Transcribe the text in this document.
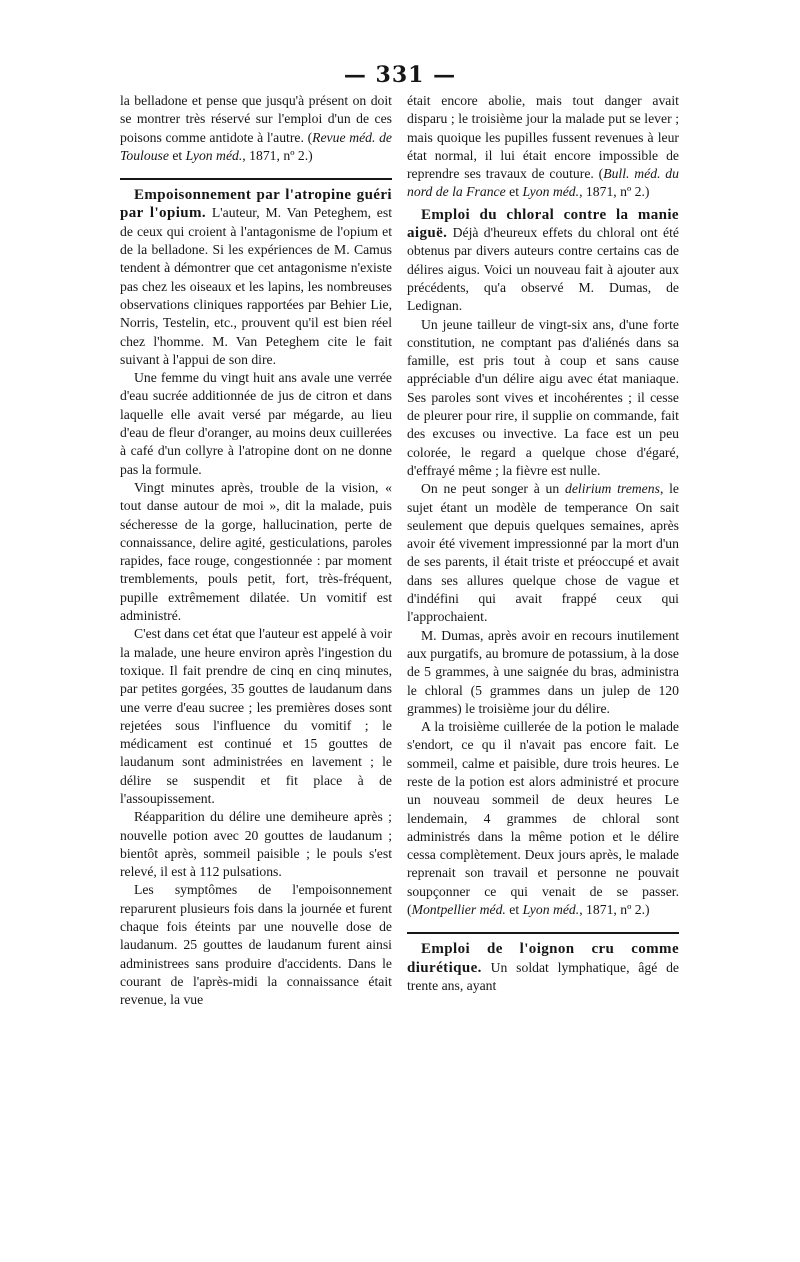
— 331 —

la belladone et pense que jusqu'à présent on doit se montrer très réservé sur l'emploi d'un de ces poisons comme antidote à l'autre. (Revue méd. de Toulouse et Lyon méd., 1871, nº 2.)

Empoisonnement par l'atropine guéri par l'opium. L'auteur, M. Van Peteghem, est de ceux qui croient à l'antagonisme de l'opium et de la belladone. Si les expériences de M. Camus tendent à démontrer que cet antagonisme n'existe pas chez les oiseaux et les lapins, les nombreuses observations cliniques rapportées par Behier Lie, Norris, Testelin, etc., prouvent qu'il est bien réel chez l'homme. M. Van Peteghem cite le fait suivant à l'appui de son dire.

Une femme du vingt huit ans avale une verrée d'eau sucrée additionnée de jus de citron et dans laquelle elle avait versé par mégarde, au lieu d'eau de fleur d'oranger, au moins deux cuillerées à café d'un collyre à l'atropine dont on ne donne pas la formule.

Vingt minutes après, trouble de la vision, « tout danse autour de moi », dit la malade, puis sécheresse de la gorge, hallucination, perte de connaissance, delire agité, gesticulations, paroles rapides, face rouge, congestionnée : par moment tremblements, pouls petit, fort, très-fréquent, pupille extrêmement dilatée. Un vomitif est administré.

C'est dans cet état que l'auteur est appelé à voir la malade, une heure environ après l'ingestion du toxique. Il fait prendre de cinq en cinq minutes, par petites gorgées, 35 gouttes de laudanum dans une verre d'eau sucree ; les premières doses sont rejetées sous l'influence du vomitif ; le médicament est continué et 15 gouttes de laudanum sont administrées en lavement ; le délire se suspendit et fit place à de l'assoupissement.

Réapparition du délire une demiheure après ; nouvelle potion avec 20 gouttes de laudanum ; bientôt après, sommeil paisible ; le pouls s'est relevé, il est à 112 pulsations.

Les symptômes de l'empoisonnement reparurent plusieurs fois dans la journée et furent chaque fois éteints par une nouvelle dose de laudanum. 25 gouttes de laudanum furent ainsi administrees sans produire d'accidents. Dans le courant de l'après-midi la connaissance était revenue, la vue

était encore abolie, mais tout danger avait disparu ; le troisième jour la malade put se lever ; mais quoique les pupilles fussent revenues à leur état normal, il lui était encore impossible de reprendre ses travaux de couture. (Bull. méd. du nord de la France et Lyon méd., 1871, nº 2.)

Emploi du chloral contre la manie aiguë. Déjà d'heureux effets du chloral ont été obtenus par divers auteurs contre certains cas de délires aigus. Voici un nouveau fait à ajouter aux précédents, qu'a observé M. Dumas, de Ledignan.

Un jeune tailleur de vingt-six ans, d'une forte constitution, ne comptant pas d'aliénés dans sa famille, est pris tout à coup et sans cause appréciable d'un délire aigu avec état maniaque. Ses paroles sont vives et incohérentes ; il cesse de pleurer pour rire, il supplie on commande, fait des excuses ou invective. La face est un peu colorée, le regard a quelque chose d'égaré, d'effrayé même ; la fièvre est nulle.

On ne peut songer à un delirium tremens, le sujet étant un modèle de temperance On sait seulement que depuis quelques semaines, après avoir été vivement impressionné par la mort d'un de ses parents, il était triste et préoccupé et avait dans ses allures quelque chose de vague et d'indéfini qui avait frappé ceux qui l'approchaient.

M. Dumas, après avoir en recours inutilement aux purgatifs, au bromure de potassium, à la dose de 5 grammes, à une saignée du bras, administra le chloral (5 grammes dans un julep de 120 grammes) le troisième jour du délire.

A la troisième cuillerée de la potion le malade s'endort, ce qu il n'avait pas encore fait. Le sommeil, calme et paisible, dure trois heures. Le reste de la potion est alors administré et procure un nouveau sommeil de deux heures Le lendemain, 4 grammes de chloral sont administrés dans la même potion et le délire cessa complètement. Deux jours après, le malade reprenait son travail et personne ne pouvait soupçonner ce qui venait de se passer. (Montpellier méd. et Lyon méd., 1871, nº 2.)

Emploi de l'oignon cru comme diurétique. Un soldat lymphatique, âgé de trente ans, ayant
